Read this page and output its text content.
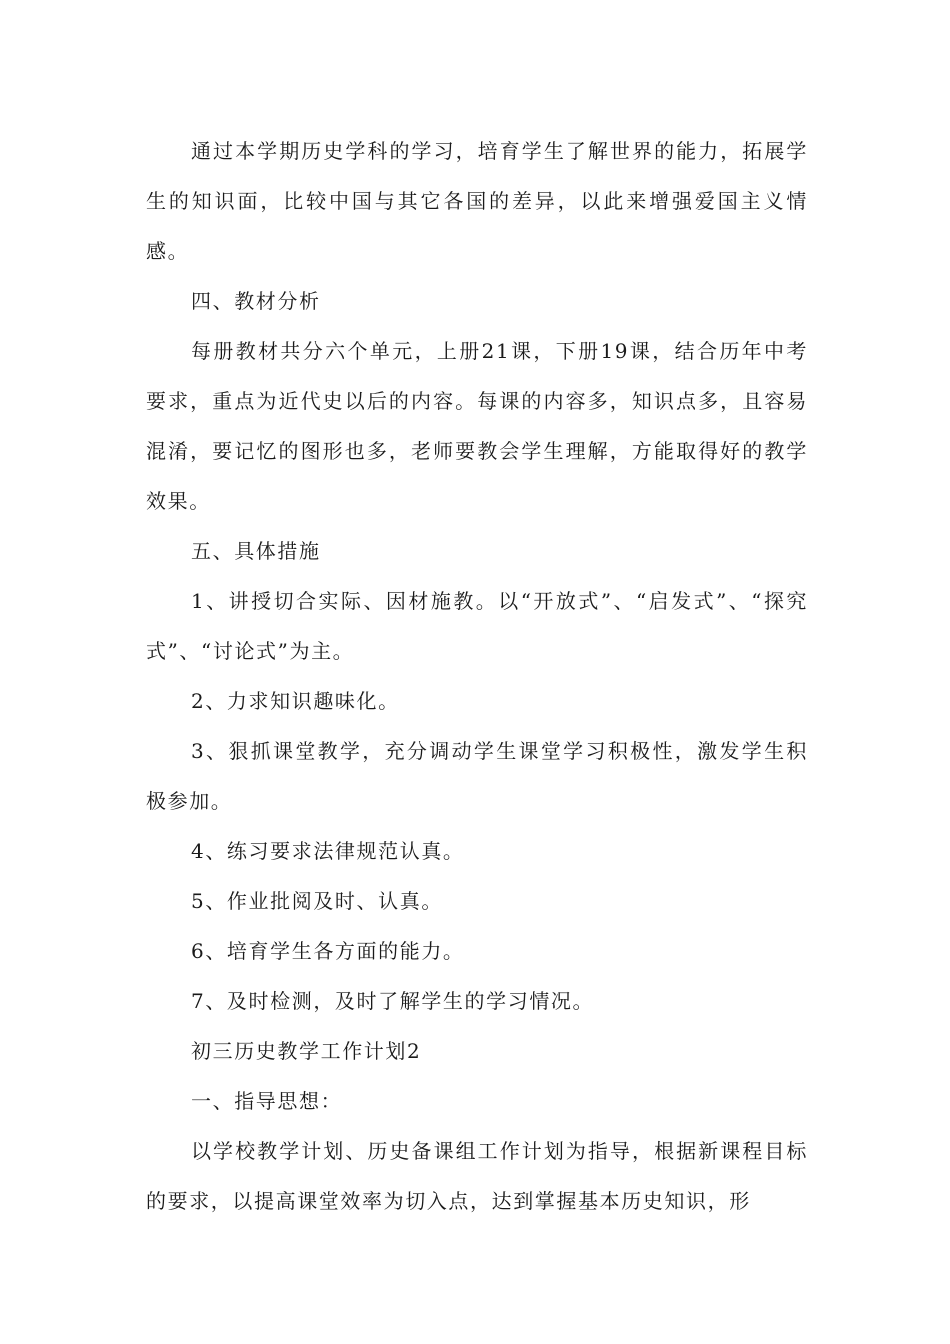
通过本学期历史学科的学习，培育学生了解世界的能力，拓展学生的知识面，比较中国与其它各国的差异，以此来增强爱国主义情感。

四、教材分析

每册教材共分六个单元，上册21课，下册19课，结合历年中考要求，重点为近代史以后的内容。每课的内容多，知识点多，且容易混淆，要记忆的图形也多，老师要教会学生理解，方能取得好的教学效果。

五、具体措施

1、讲授切合实际、因材施教。以“开放式”、“启发式”、“探究式”、“讨论式”为主。

2、力求知识趣味化。

3、狠抓课堂教学，充分调动学生课堂学习积极性，激发学生积极参加。

4、练习要求法律规范认真。

5、作业批阅及时、认真。

6、培育学生各方面的能力。

7、及时检测，及时了解学生的学习情况。

初三历史教学工作计划2

一、指导思想：

以学校教学计划、历史备课组工作计划为指导，根据新课程目标的要求，以提高课堂效率为切入点，达到掌握基本历史知识，形
